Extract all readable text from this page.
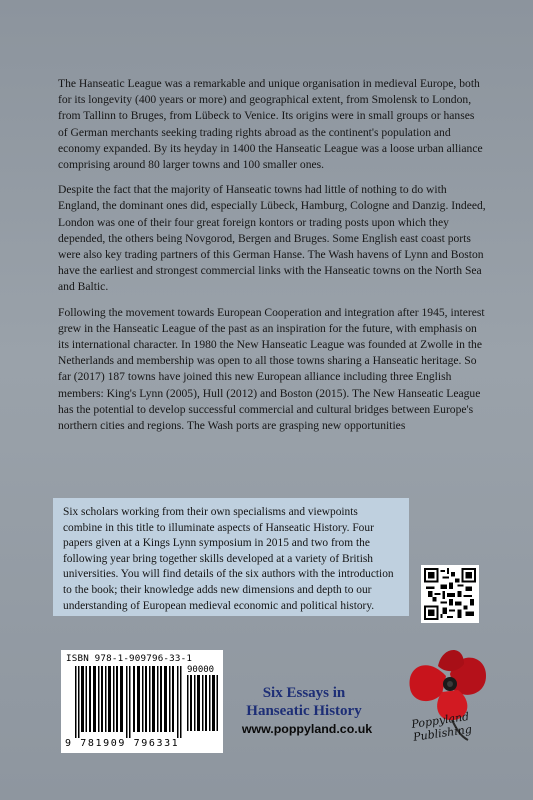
The Hanseatic League was a remarkable and unique organisation in medieval Europe, both for its longevity (400 years or more) and geographical extent, from Smolensk to London, from Tallinn to Bruges, from Lübeck to Venice. Its origins were in small groups or hanses of German merchants seeking trading rights abroad as the continent's population and economy expanded. By its heyday in 1400 the Hanseatic League was a loose urban alliance comprising around 80 larger towns and 100 smaller ones.

Despite the fact that the majority of Hanseatic towns had little of nothing to do with England, the dominant ones did, especially Lübeck, Hamburg, Cologne and Danzig. Indeed, London was one of their four great foreign kontors or trading posts upon which they depended, the others being Novgorod, Bergen and Bruges. Some English east coast ports were also key trading partners of this German Hanse. The Wash havens of Lynn and Boston have the earliest and strongest commercial links with the Hanseatic towns on the North Sea and Baltic.

Following the movement towards European Cooperation and integration after 1945, interest grew in the Hanseatic League of the past as an inspiration for the future, with emphasis on its international character. In 1980 the New Hanseatic League was founded at Zwolle in the Netherlands and membership was open to all those towns sharing a Hanseatic heritage. So far (2017) 187 towns have joined this new European alliance including three English members: King's Lynn (2005), Hull (2012) and Boston (2015). The New Hanseatic League has the potential to develop successful commercial and cultural bridges between Europe's northern cities and regions. The Wash ports are grasping new opportunities

Six scholars working from their own specialisms and viewpoints combine in this title to illuminate aspects of Hanseatic History. Four papers given at a Kings Lynn symposium in 2015 and two from the following year bring together skills developed at a variety of British universities. You will find details of the six authors with the introduction to the book; their knowledge adds new dimensions and depth to our understanding of European medieval economic and political history.
ISBN 978-1-909796-33-1
90000
9 781909 796331
Six Essays in Hanseatic History
www.poppyland.co.uk	Poppyland Publishing
